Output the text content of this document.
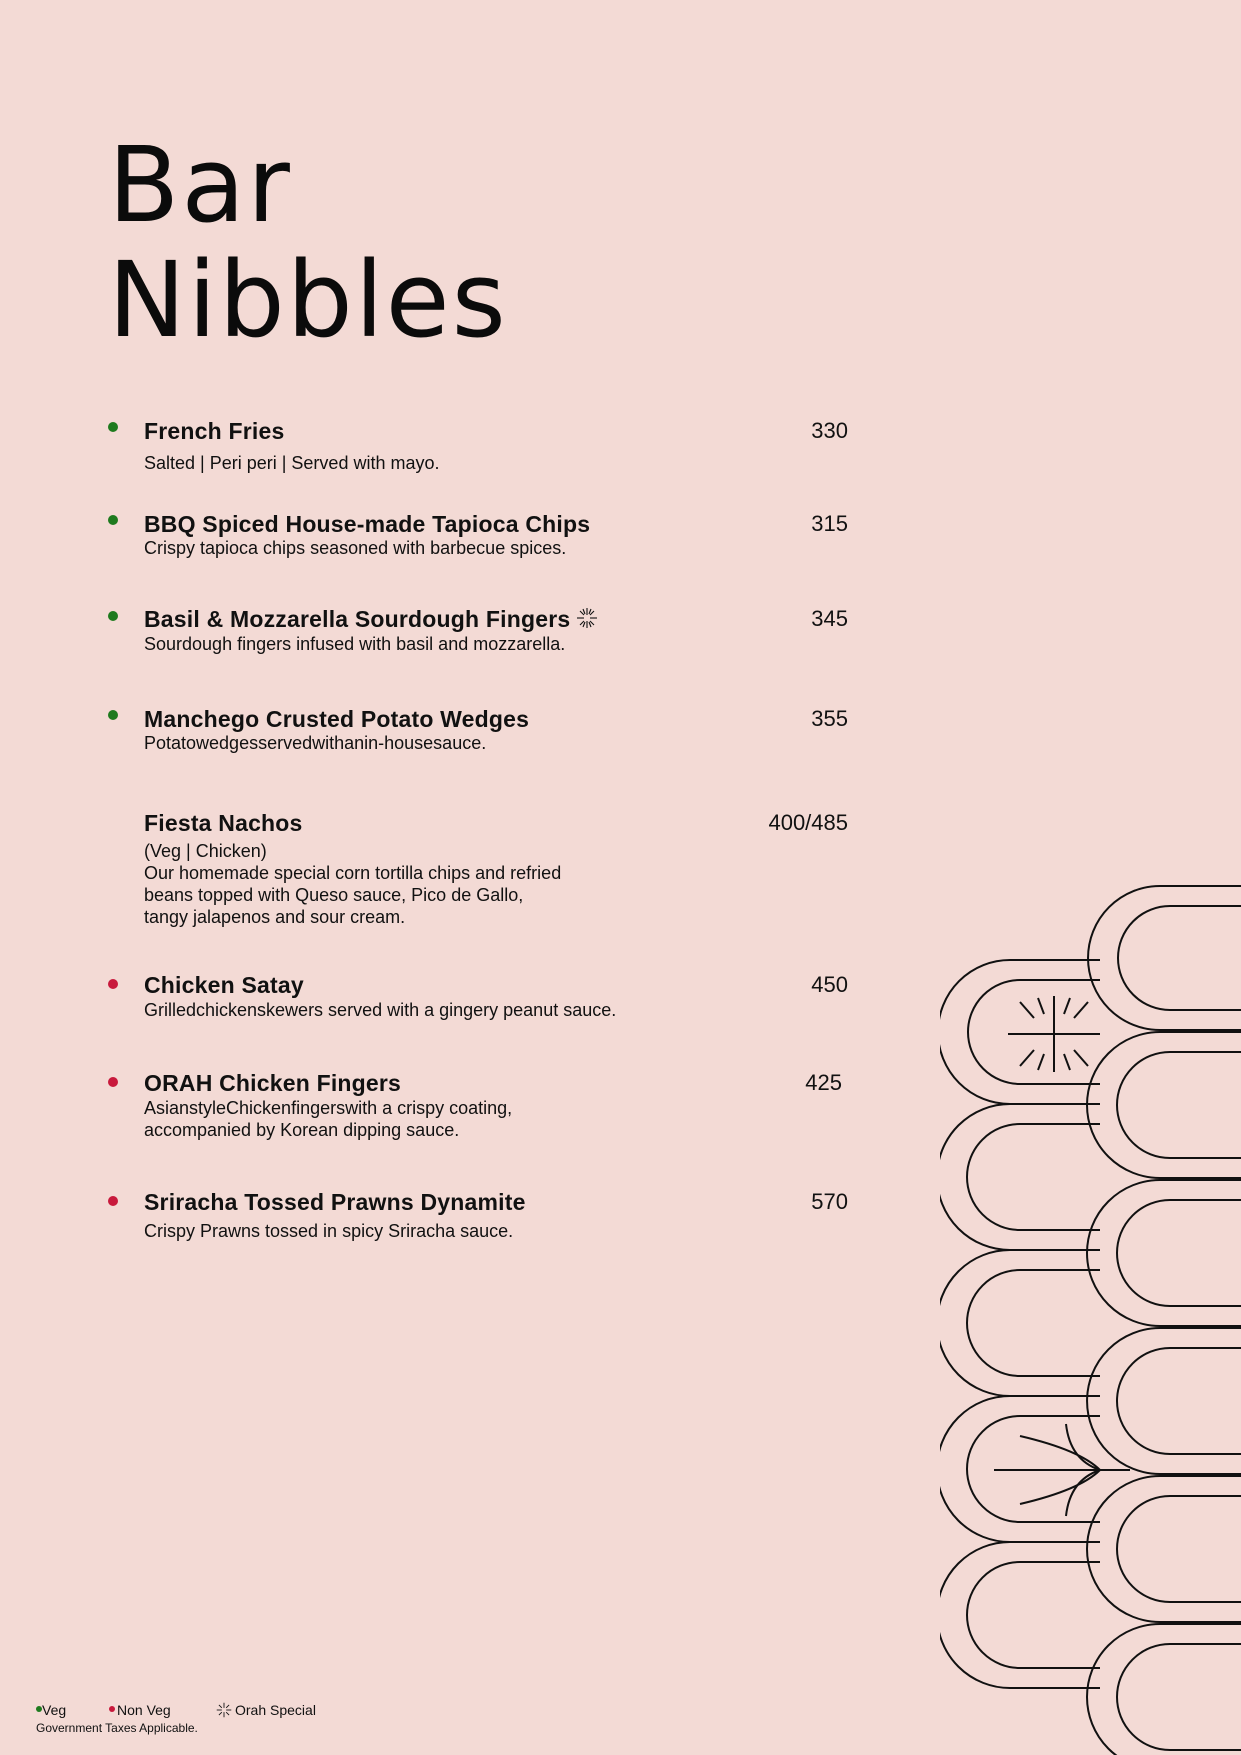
Bar
Nibbles
French Fries	330
Salted | Peri peri | Served with mayo.
BBQ Spiced House-made Tapioca Chips	315
Crispy tapioca chips seasoned with barbecue spices.
Basil & Mozzarella Sourdough Fingers	345
Sourdough fingers infused with basil and mozzarella.
Manchego Crusted Potato Wedges	355
Potatowedgesservedwithanin-housesauce.
Fiesta Nachos	400/485
(Veg | Chicken)
Our homemade special corn tortilla chips and refried
beans topped with Queso sauce, Pico de Gallo,
tangy jalapenos and sour cream.
Chicken Satay	450
Grilledchickenskewers served with a gingery peanut sauce.
ORAH Chicken Fingers	425
AsianstyleChickenfingerswith a crispy coating,
accompanied by Korean dipping sauce.
Sriracha Tossed Prawns Dynamite	570
Crispy Prawns tossed in spicy Sriracha sauce.
Veg	Non Veg	Orah Special
Government Taxes Applicable.
